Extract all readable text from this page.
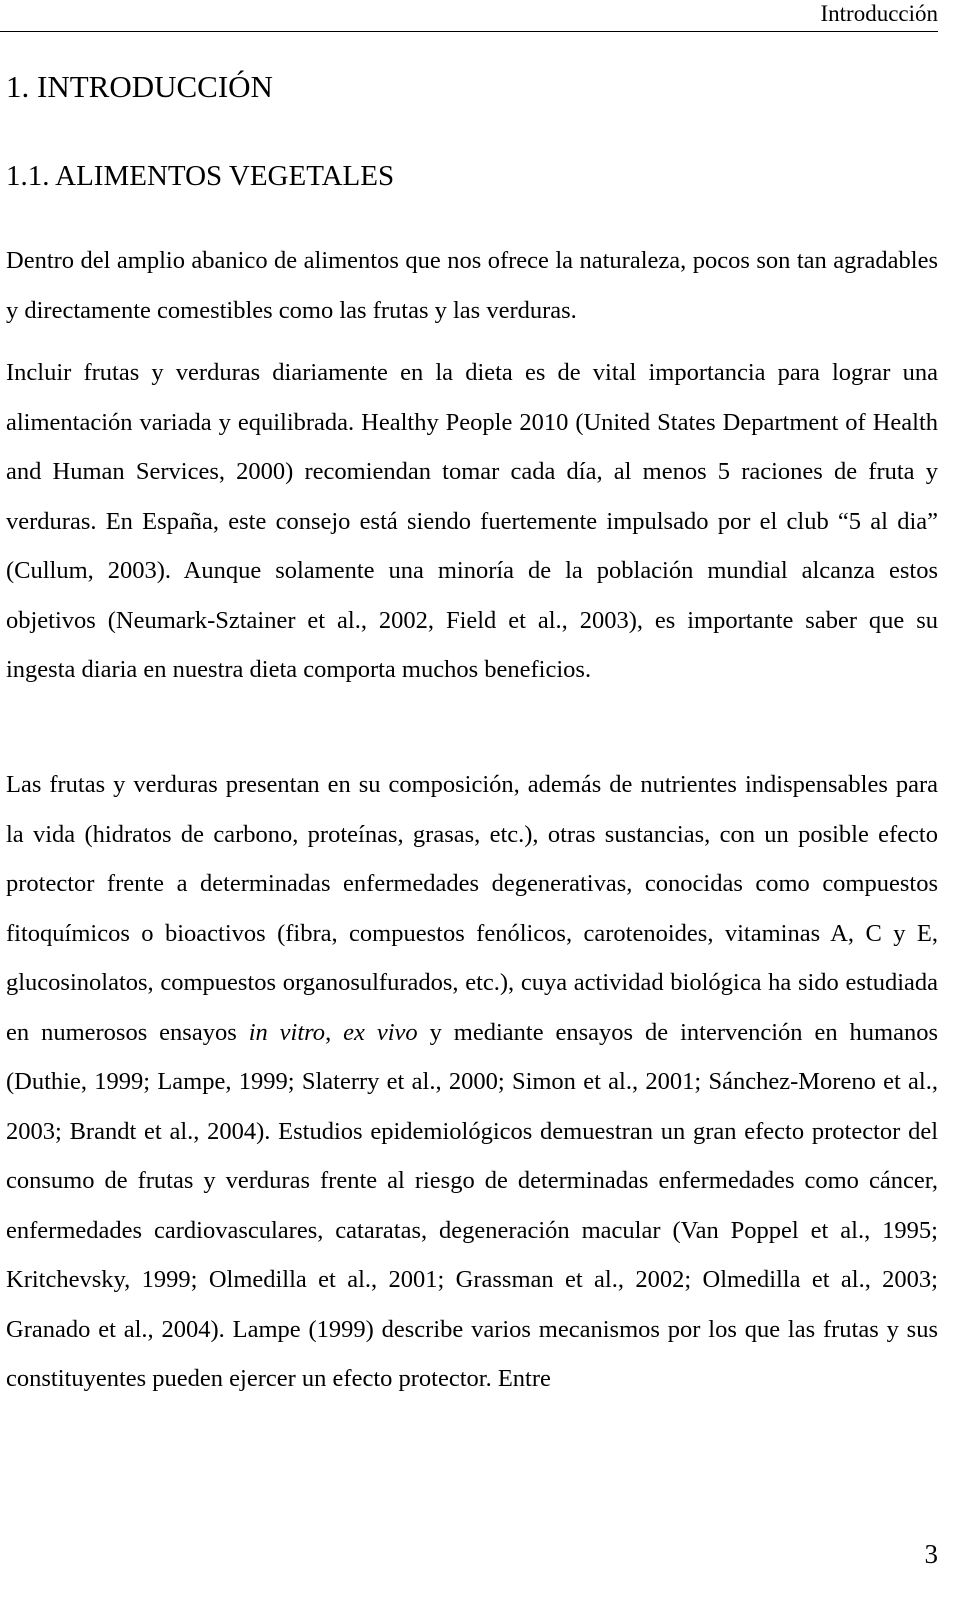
Introducción
1. INTRODUCCIÓN
1.1. ALIMENTOS VEGETALES

Dentro del amplio abanico de alimentos que nos ofrece la naturaleza, pocos son tan agradables y directamente comestibles como las frutas y las verduras.

Incluir frutas y verduras diariamente en la dieta es de vital importancia para lograr una alimentación variada y equilibrada. Healthy People 2010 (United States Department of Health and Human Services, 2000) recomiendan tomar cada día, al menos 5 raciones de fruta y verduras. En España, este consejo está siendo fuertemente impulsado por el club “5 al dia” (Cullum, 2003). Aunque solamente una minoría de la población mundial alcanza estos objetivos (Neumark-Sztainer et al., 2002, Field et al., 2003), es importante saber que su ingesta diaria en nuestra dieta comporta muchos beneficios.

Las frutas y verduras presentan en su composición, además de nutrientes indispensables para la vida (hidratos de carbono, proteínas, grasas, etc.), otras sustancias, con un posible efecto protector frente a determinadas enfermedades degenerativas, conocidas como compuestos fitoquímicos o bioactivos (fibra, compuestos fenólicos, carotenoides, vitaminas A, C y E, glucosinolatos, compuestos organosulfurados, etc.), cuya actividad biológica ha sido estudiada en numerosos ensayos in vitro, ex vivo y mediante ensayos de intervención en humanos (Duthie, 1999; Lampe, 1999; Slaterry et al., 2000; Simon et al., 2001; Sánchez-Moreno et al., 2003; Brandt et al., 2004). Estudios epidemiológicos demuestran un gran efecto protector del consumo de frutas y verduras frente al riesgo de determinadas enfermedades como cáncer, enfermedades cardiovasculares, cataratas, degeneración macular (Van Poppel et al., 1995; Kritchevsky, 1999; Olmedilla et al., 2001; Grassman et al., 2002; Olmedilla et al., 2003; Granado et al., 2004). Lampe (1999) describe varios mecanismos por los que las frutas y sus constituyentes pueden ejercer un efecto protector. Entre

3
